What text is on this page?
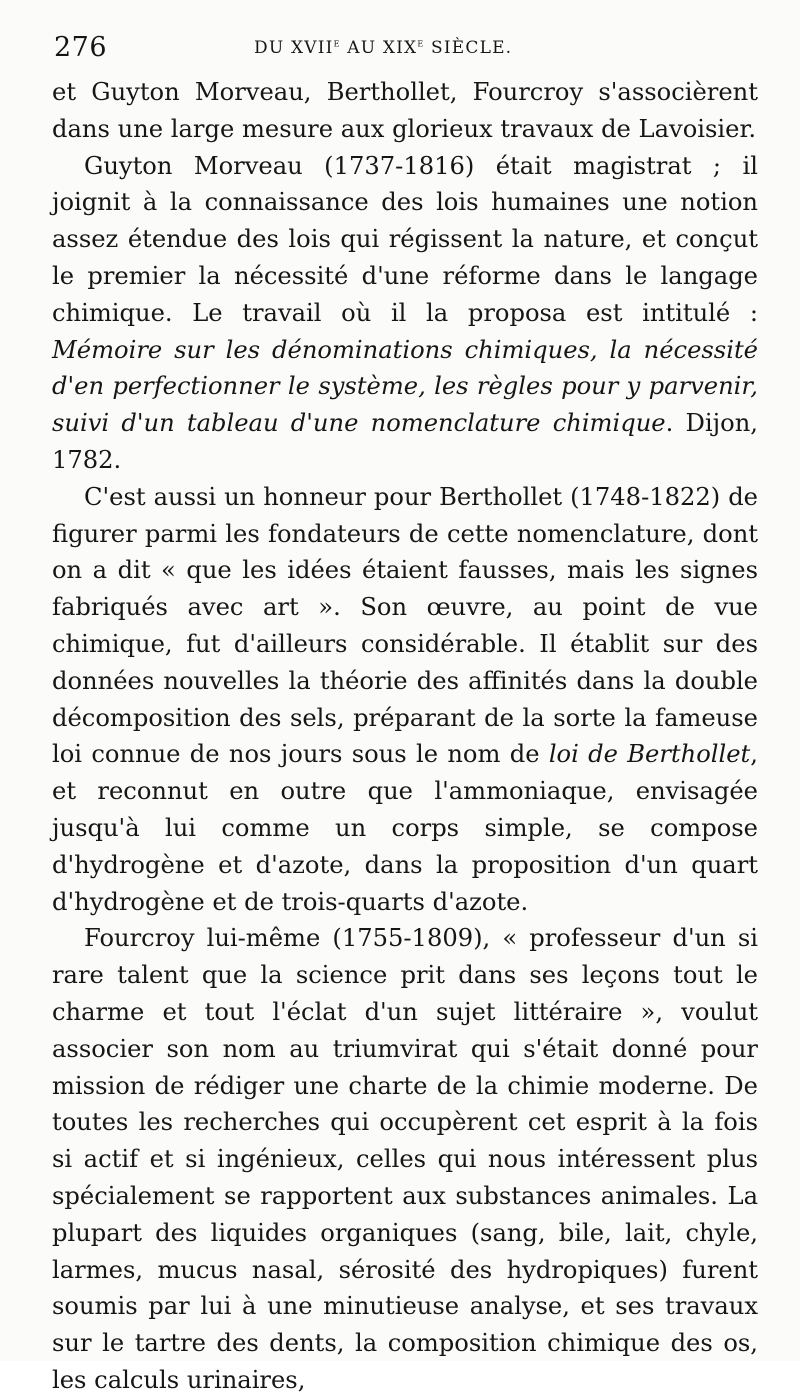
276	DU XVIIe AU XIXe SIÈCLE.

et Guyton Morveau, Berthollet, Fourcroy s'associèrent dans une large mesure aux glorieux travaux de Lavoisier.

Guyton Morveau (1737-1816) était magistrat ; il joignit à la connaissance des lois humaines une notion assez étendue des lois qui régissent la nature, et conçut le premier la nécessité d'une réforme dans le langage chimique. Le travail où il la proposa est intitulé : Mémoire sur les dénominations chimiques, la nécessité d'en perfectionner le système, les règles pour y parvenir, suivi d'un tableau d'une nomenclature chimique. Dijon, 1782.

C'est aussi un honneur pour Berthollet (1748-1822) de figurer parmi les fondateurs de cette nomenclature, dont on a dit « que les idées étaient fausses, mais les signes fabriqués avec art ». Son œuvre, au point de vue chimique, fut d'ailleurs considérable. Il établit sur des données nouvelles la théorie des affinités dans la double décomposition des sels, préparant de la sorte la fameuse loi connue de nos jours sous le nom de loi de Berthollet, et reconnut en outre que l'ammoniaque, envisagée jusqu'à lui comme un corps simple, se compose d'hydrogène et d'azote, dans la proposition d'un quart d'hydrogène et de trois-quarts d'azote.

Fourcroy lui-même (1755-1809), « professeur d'un si rare talent que la science prit dans ses leçons tout le charme et tout l'éclat d'un sujet littéraire », voulut associer son nom au triumvirat qui s'était donné pour mission de rédiger une charte de la chimie moderne. De toutes les recherches qui occupèrent cet esprit à la fois si actif et si ingénieux, celles qui nous intéressent plus spécialement se rapportent aux substances animales. La plupart des liquides organiques (sang, bile, lait, chyle, larmes, mucus nasal, sérosité des hydropiques) furent soumis par lui à une minutieuse analyse, et ses travaux sur le tartre des dents, la composition chimique des os, les calculs urinaires,
